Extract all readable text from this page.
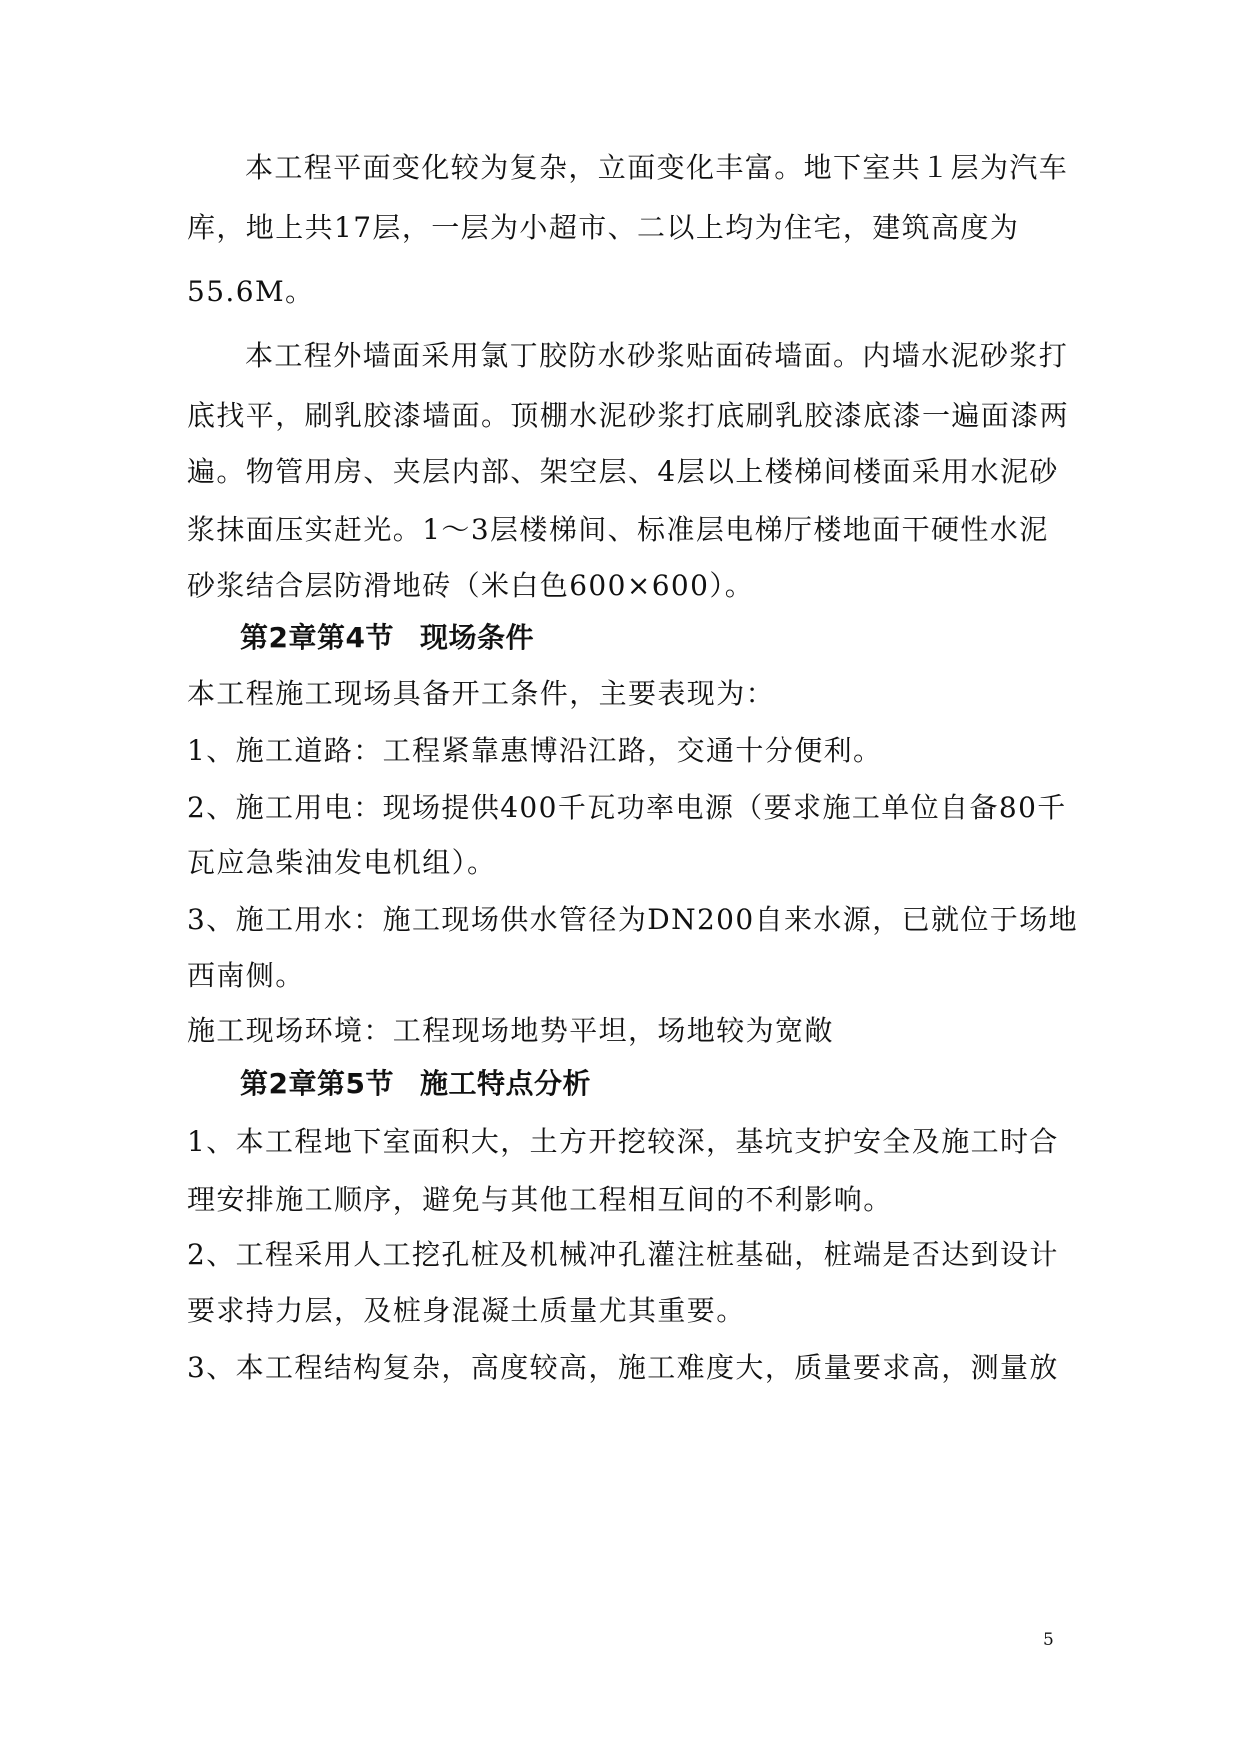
本工程平面变化较为复杂，立面变化丰富。地下室共１层为汽车
库，地上共17层，一层为小超市、二以上均为住宅，建筑高度为
55.6M。
本工程外墙面采用氯丁胶防水砂浆贴面砖墙面。内墙水泥砂浆打
底找平，刷乳胶漆墙面。顶棚水泥砂浆打底刷乳胶漆底漆一遍面漆两
遍。物管用房、夹层内部、架空层、4层以上楼梯间楼面采用水泥砂
浆抹面压实赶光。1～3层楼梯间、标准层电梯厅楼地面干硬性水泥
砂浆结合层防滑地砖（米白色600×600）。
第2章第4节 现场条件
本工程施工现场具备开工条件，主要表现为：
1、施工道路：工程紧靠惠博沿江路，交通十分便利。
2、施工用电：现场提供400千瓦功率电源（要求施工单位自备80千
瓦应急柴油发电机组）。
3、施工用水：施工现场供水管径为DN200自来水源，已就位于场地
西南侧。
施工现场环境：工程现场地势平坦，场地较为宽敞
第2章第5节 施工特点分析
1、本工程地下室面积大，土方开挖较深，基坑支护安全及施工时合
理安排施工顺序，避免与其他工程相互间的不利影响。
2、工程采用人工挖孔桩及机械冲孔灌注桩基础，桩端是否达到设计
要求持力层，及桩身混凝土质量尤其重要。
3、本工程结构复杂，高度较高，施工难度大，质量要求高，测量放
5
